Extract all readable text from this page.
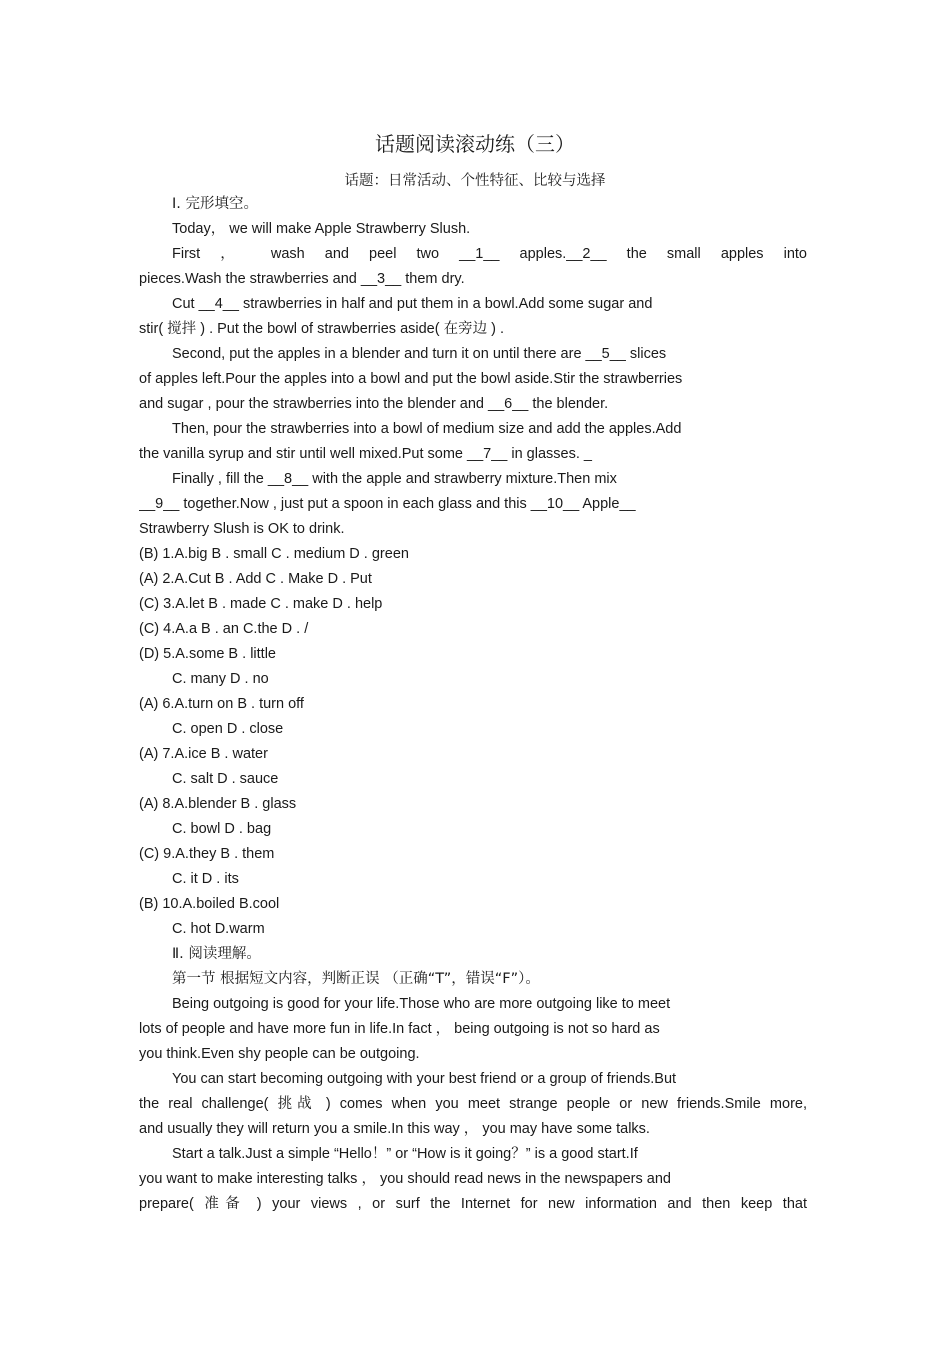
话题阅读滚动练（三）
话题：日常活动、个性特征、比较与选择
Ⅰ. 完形填空。
Today， we will make Apple Strawberry Slush.
First ， wash and peel two __1__ apples.__2__ the small apples into
pieces.Wash the strawberries and __3__ them dry.
Cut __4__ strawberries in half and put them in a bowl.Add some sugar and
stir( 搅拌 ) . Put the bowl of strawberries aside( 在旁边 ) .
Second, put the apples in a blender and turn it on until there are __5__ slices
of apples left.Pour the apples into a bowl and put the bowl aside.Stir the strawberries
and sugar , pour the strawberries into the blender and __6__ the blender.
Then, pour the strawberries into a bowl of medium size and add the apples.Add
the vanilla syrup and stir until well mixed.Put some __7__ in glasses. _
Finally , fill the __8__ with the apple and strawberry mixture.Then mix
__9__ together.Now , just put a spoon in each glass and this __10__ Apple__
Strawberry Slush is OK to drink.
(B) 1.A.big B . small C . medium D . green
(A) 2.A.Cut B . Add C . Make D . Put
(C) 3.A.let B . made C . make D . help
(C) 4.A.a B . an C.the D . /
(D) 5.A.some B . little
C. many D . no
(A) 6.A.turn on B . turn off
C. open D . close
(A) 7.A.ice B . water
C. salt D . sauce
(A) 8.A.blender B . glass
C. bowl D . bag
(C) 9.A.they B . them
C. it D . its
(B) 10.A.boiled B.cool
C. hot D.warm
Ⅱ. 阅读理解。
第一节 根据短文内容，判断正误 （正确“T”，错误“F”）。
Being outgoing is good for your life.Those who are more outgoing like to meet
lots of people and have more fun in life.In fact ， being outgoing is not so hard as
you think.Even shy people can be outgoing.
You can start becoming outgoing with your best friend or a group of friends.But
the real challenge( 挑战 ) comes when you meet strange people or new friends.Smile more,
and usually they will return you a smile.In this way ， you may have some talks.
Start a talk.Just a simple “Hello！” or “How is it going？” is a good start.If
you want to make interesting talks ， you should read news in the newspapers and
prepare( 准备 ) your views , or surf the Internet for new information and then keep that
